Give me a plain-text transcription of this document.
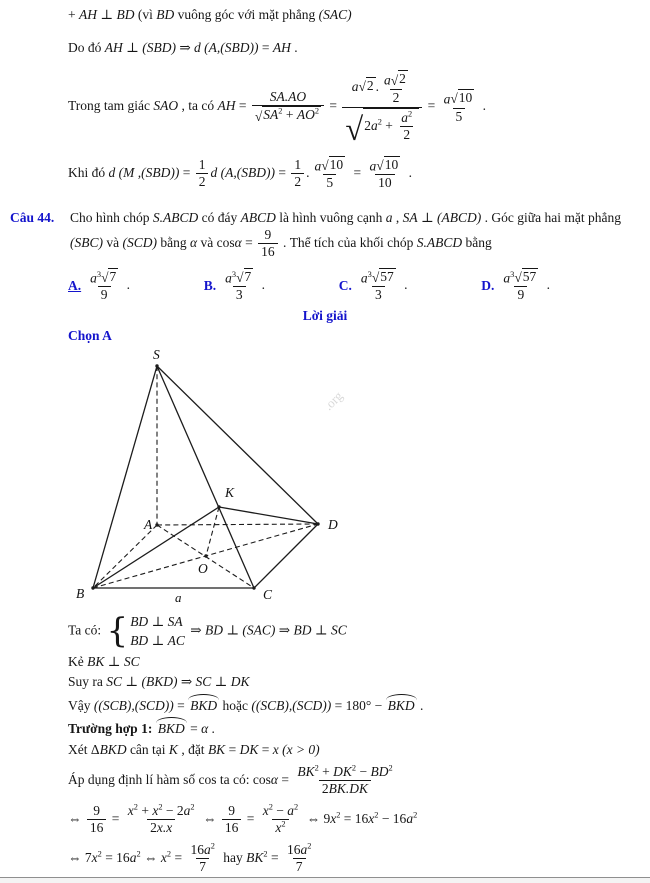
+ AH ⊥ BD (vì BD vuông góc với mặt phẳng (SAC)
Do đó AH ⊥ (SBD) ⇒ d (A,(SBD)) = AH .
Trong tam giác SAO , ta có AH = $\frac{SA.AO}{√ SA^2 + AO^2} = \frac{a √ 2 . \frac{a √ 2}{2}}{√ 2a^2 + \frac{a^2}{2}} = \frac{a √ 10}{5}$ .
Khi đó d (M $,(SBD)) = \frac{1}{2}$ d $(A,(SBD)) = \frac{1}{2}$ . $\frac{a √ 10}{5} = \frac{a √ 10}{10}$ .
Câu 44.	Cho hình chóp S.ABCD có đáy ABCD là hình vuông cạnh a , SA ⊥ (ABCD) . Góc giữa hai mặt phẳng (SBC) và (SCD) bằng α và $\cos\alpha = \frac{9}{16}$ . Thể tích của khối chóp S.ABCD bằng
A. $\frac{a^3 √ 7}{9}$ .	B. $\frac{a^3 √ 7}{3}$ .	C. $\frac{a^3 √ 57}{3}$ .	D. $\frac{a^3 √ 57}{9}$ .
Lời giải
Chọn A
.org
S
A
B	C
D
O
K
a
Ta có: { BD ⊥ SA
BD ⊥ AC
⇒ BD ⊥ (SAC) ⇒ BD ⊥ SC
Kẻ BK ⊥ SC
Suy ra SC ⊥ (BKD) ⇒ SC ⊥ DK
Vậy ((SCB),(SCD)) = BKD hoặc ((SCB),(SCD)) = 180° − BKD .
Trường hợp 1: BKD = α .
Xét ΔBKD cân tại K , đặt BK = DK = x (x > 0)
Áp dụng định lí hàm số cos ta có: $\cos\alpha = \frac{BK^2 + DK^2 - BD^2}{2BK.DK}$
⇔ $\frac{9}{16} = \frac{x^2 + x^2 - 2a^2}{2x.x}$ ⇔ $\frac{9}{16} = \frac{x^2 - a^2}{x^2}$ ⇔ $9x^2 = 16x^2 - 16a^2$
⇔ $7x^2 = 16a^2$ ⇔ $x^2 = \frac{16a^2}{7}$ hay $BK^2 = \frac{16a^2}{7}$
